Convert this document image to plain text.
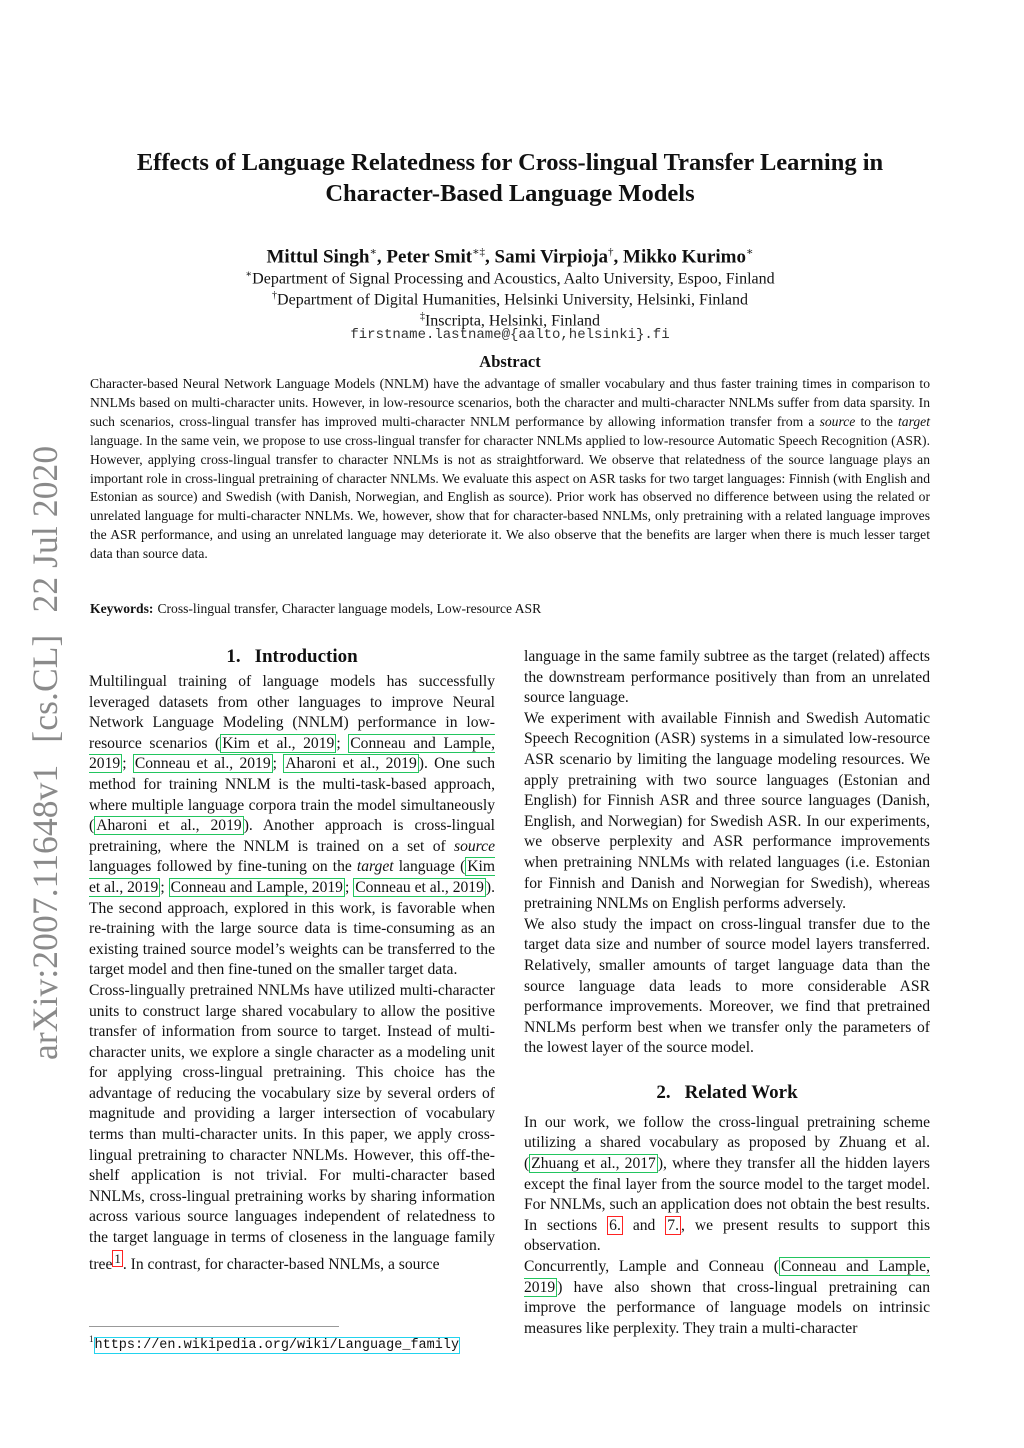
arXiv:2007.11648v1[cs.CL]22 Jul 2020
Effects of Language Relatedness for Cross-lingual Transfer Learning in
Character-Based Language Models
Mittul Singh∗, Peter Smit∗‡, Sami Virpioja†, Mikko Kurimo∗
∗Department of Signal Processing and Acoustics, Aalto University, Espoo, Finland
†Department of Digital Humanities, Helsinki University, Helsinki, Finland
‡Inscripta, Helsinki, Finland
firstname.lastname@{aalto,helsinki}.fi
Abstract

Character-based Neural Network Language Models (NNLM) have the advantage of smaller vocabulary and thus faster training times in comparison to NNLMs based on multi-character units. However, in low-resource scenarios, both the character and multi-character NNLMs suffer from data sparsity. In such scenarios, cross-lingual transfer has improved multi-character NNLM performance by allowing information transfer from a source to the target language. In the same vein, we propose to use cross-lingual transfer for character NNLMs applied to low-resource Automatic Speech Recognition (ASR). However, applying cross-lingual transfer to character NNLMs is not as straightforward. We observe that relatedness of the source language plays an important role in cross-lingual pretraining of character NNLMs. We evaluate this aspect on ASR tasks for two target languages: Finnish (with English and Estonian as source) and Swedish (with Danish, Norwegian, and English as source). Prior work has observed no difference between using the related or unrelated language for multi-character NNLMs. We, however, show that for character-based NNLMs, only pretraining with a related language improves the ASR performance, and using an unrelated language may deteriorate it. We also observe that the benefits are larger when there is much lesser target data than source data.

Keywords: Cross-lingual transfer, Character language models, Low-resource ASR
1. Introduction

Multilingual training of language models has successfully leveraged datasets from other languages to improve Neural Network Language Modeling (NNLM) performance in low-resource scenarios ( Kim et al., 2019 ; Conneau and Lample, 2019 ; Conneau et al., 2019 ; Aharoni et al., 2019 ). One such method for training NNLM is the multi-task-based approach, where multiple language corpora train the model simultaneously ( Aharoni et al., 2019 ). Another approach is cross-lingual pretraining, where the NNLM is trained on a set of source languages followed by fine-tuning on the target language ( Kim et al., 2019 ; Conneau and Lample, 2019 ; Conneau et al., 2019 ). The second approach, explored in this work, is favorable when re-training with the large source data is time-consuming as an existing trained source model’s weights can be transferred to the target model and then fine-tuned on the smaller target data.

Cross-lingually pretrained NNLMs have utilized multi-character units to construct large shared vocabulary to allow the positive transfer of information from source to target. Instead of multi-character units, we explore a single character as a modeling unit for applying cross-lingual pretraining. This choice has the advantage of reducing the vocabulary size by several orders of magnitude and providing a larger intersection of vocabulary terms than multi-character units. In this paper, we apply cross-lingual pretraining to character NNLMs. However, this off-the-shelf application is not trivial. For multi-character based NNLMs, cross-lingual pretraining works by sharing information across various source languages independent of relatedness to the target language in terms of closeness in the language family tree $^1$ . In contrast, for character-based NNLMs, a source

language in the same family subtree as the target (related) affects the downstream performance positively than from an unrelated source language.

We experiment with available Finnish and Swedish Automatic Speech Recognition (ASR) systems in a simulated low-resource ASR scenario by limiting the language modeling resources. We apply pretraining with two source languages (Estonian and English) for Finnish ASR and three source languages (Danish, English, and Norwegian) for Swedish ASR. In our experiments, we observe perplexity and ASR performance improvements when pretraining NNLMs with related languages (i.e. Estonian for Finnish and Danish and Norwegian for Swedish), whereas pretraining NNLMs on English performs adversely.

We also study the impact on cross-lingual transfer due to the target data size and number of source model layers transferred. Relatively, smaller amounts of target language data than the source language data leads to more considerable ASR performance improvements. Moreover, we find that pretrained NNLMs perform best when we transfer only the parameters of the lowest layer of the source model.

2. Related Work

In our work, we follow the cross-lingual pretraining scheme utilizing a shared vocabulary as proposed by Zhuang et al. ( Zhuang et al., 2017 ), where they transfer all the hidden layers except the final layer from the source model to the target model. For NNLMs, such an application does not obtain the best results. In sections 6. and 7. , we present results to support this observation.

Concurrently, Lample and Conneau ( Conneau and Lample, 2019 ) have also shown that cross-lingual pretraining can improve the performance of language models on intrinsic measures like perplexity. They train a multi-character

$^1$https://en.wikipedia.org/wiki/Language_family
